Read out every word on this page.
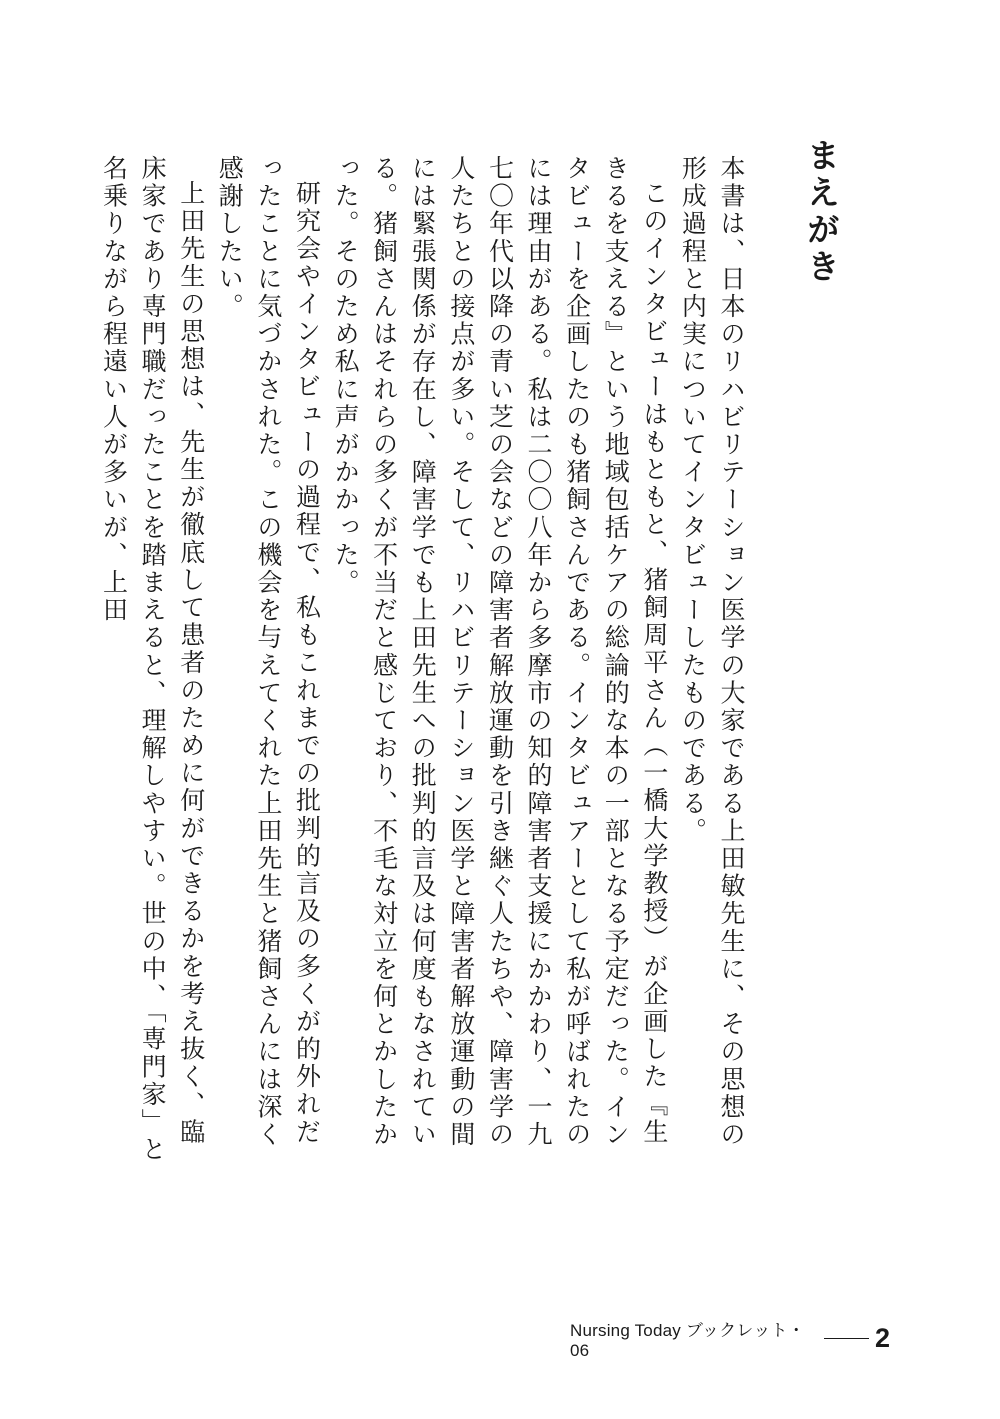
まえがき

本書は、日本のリハビリテーション医学の大家である上田敏先生に、その思想の形成過程と内実についてインタビューしたものである。

このインタビューはもともと、猪飼周平さん（一橋大学教授）が企画した『生きるを支える』という地域包括ケアの総論的な本の一部となる予定だった。インタビューを企画したのも猪飼さんである。インタビュアーとして私が呼ばれたのには理由がある。私は二〇〇八年から多摩市の知的障害者支援にかかわり、一九七〇年代以降の青い芝の会などの障害者解放運動を引き継ぐ人たちや、障害学の人たちとの接点が多い。そして、リハビリテーション医学と障害者解放運動の間には緊張関係が存在し、障害学でも上田先生への批判的言及は何度もなされている。猪飼さんはそれらの多くが不当だと感じており、不毛な対立を何とかしたかった。そのため私に声がかかった。

研究会やインタビューの過程で、私もこれまでの批判的言及の多くが的外れだったことに気づかされた。この機会を与えてくれた上田先生と猪飼さんには深く感謝したい。

上田先生の思想は、先生が徹底して患者のために何ができるかを考え抜く、臨床家であり専門職だったことを踏まえると、理解しやすい。世の中、「専門家」と名乗りながら程遠い人が多いが、上田

Nursing Today ブックレット・06	2
